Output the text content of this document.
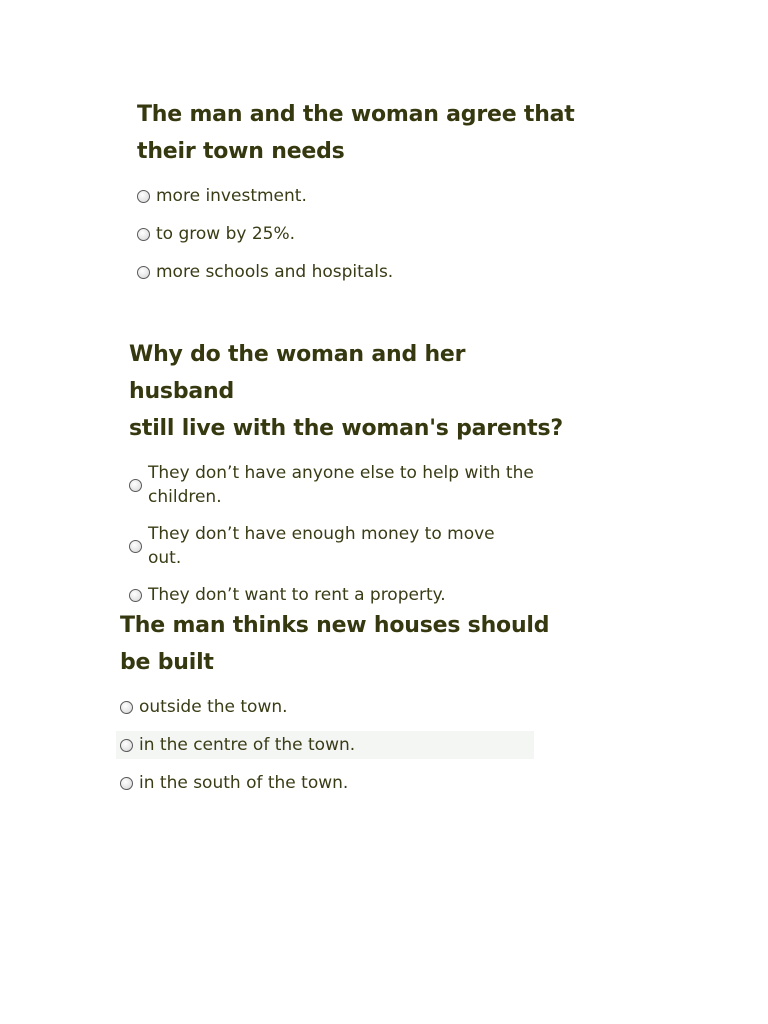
The man and the woman agree that
their town needs
more investment.
to grow by 25%.
more schools and hospitals.
Why do the woman and her husband
still live with the woman's parents?
They don’t have anyone else to help with the
children.
They don’t have enough money to move
out.
They don’t want to rent a property.
The man thinks new houses should
be built
outside the town.
in the centre of the town.
in the south of the town.
